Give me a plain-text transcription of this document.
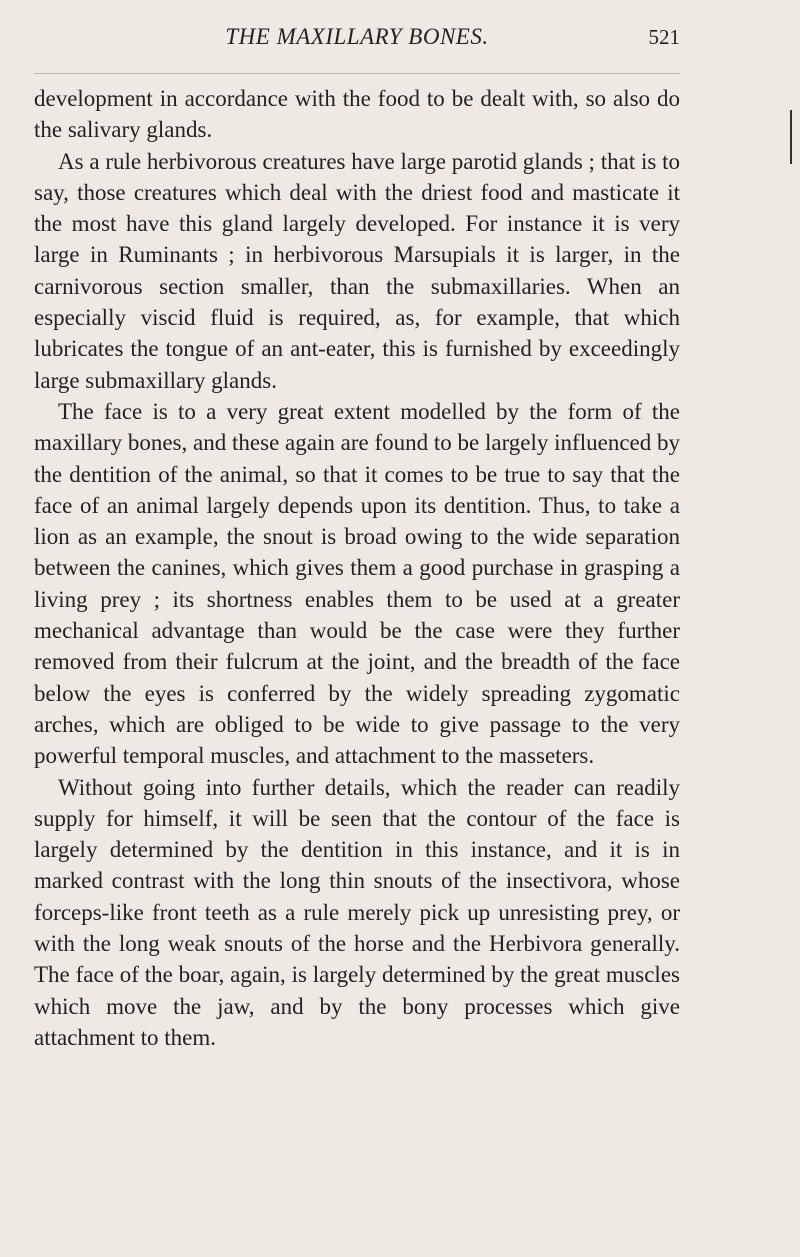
THE MAXILLARY BONES.	521

development in accordance with the food to be dealt with, so also do the salivary glands.

As a rule herbivorous creatures have large parotid glands ; that is to say, those creatures which deal with the driest food and masticate it the most have this gland largely developed. For instance it is very large in Ruminants ; in herbivorous Marsupials it is larger, in the carnivorous section smaller, than the submaxillaries. When an especially viscid fluid is required, as, for example, that which lubricates the tongue of an ant-eater, this is furnished by exceedingly large submaxillary glands.

The face is to a very great extent modelled by the form of the maxillary bones, and these again are found to be largely influenced by the dentition of the animal, so that it comes to be true to say that the face of an animal largely depends upon its dentition. Thus, to take a lion as an example, the snout is broad owing to the wide separation between the canines, which gives them a good purchase in grasping a living prey ; its shortness enables them to be used at a greater mechanical advantage than would be the case were they further removed from their fulcrum at the joint, and the breadth of the face below the eyes is conferred by the widely spreading zygomatic arches, which are obliged to be wide to give passage to the very powerful temporal muscles, and attachment to the masseters.

Without going into further details, which the reader can readily supply for himself, it will be seen that the contour of the face is largely determined by the dentition in this instance, and it is in marked contrast with the long thin snouts of the insectivora, whose forceps-like front teeth as a rule merely pick up unresisting prey, or with the long weak snouts of the horse and the Herbivora generally. The face of the boar, again, is largely determined by the great muscles which move the jaw, and by the bony processes which give attachment to them.
